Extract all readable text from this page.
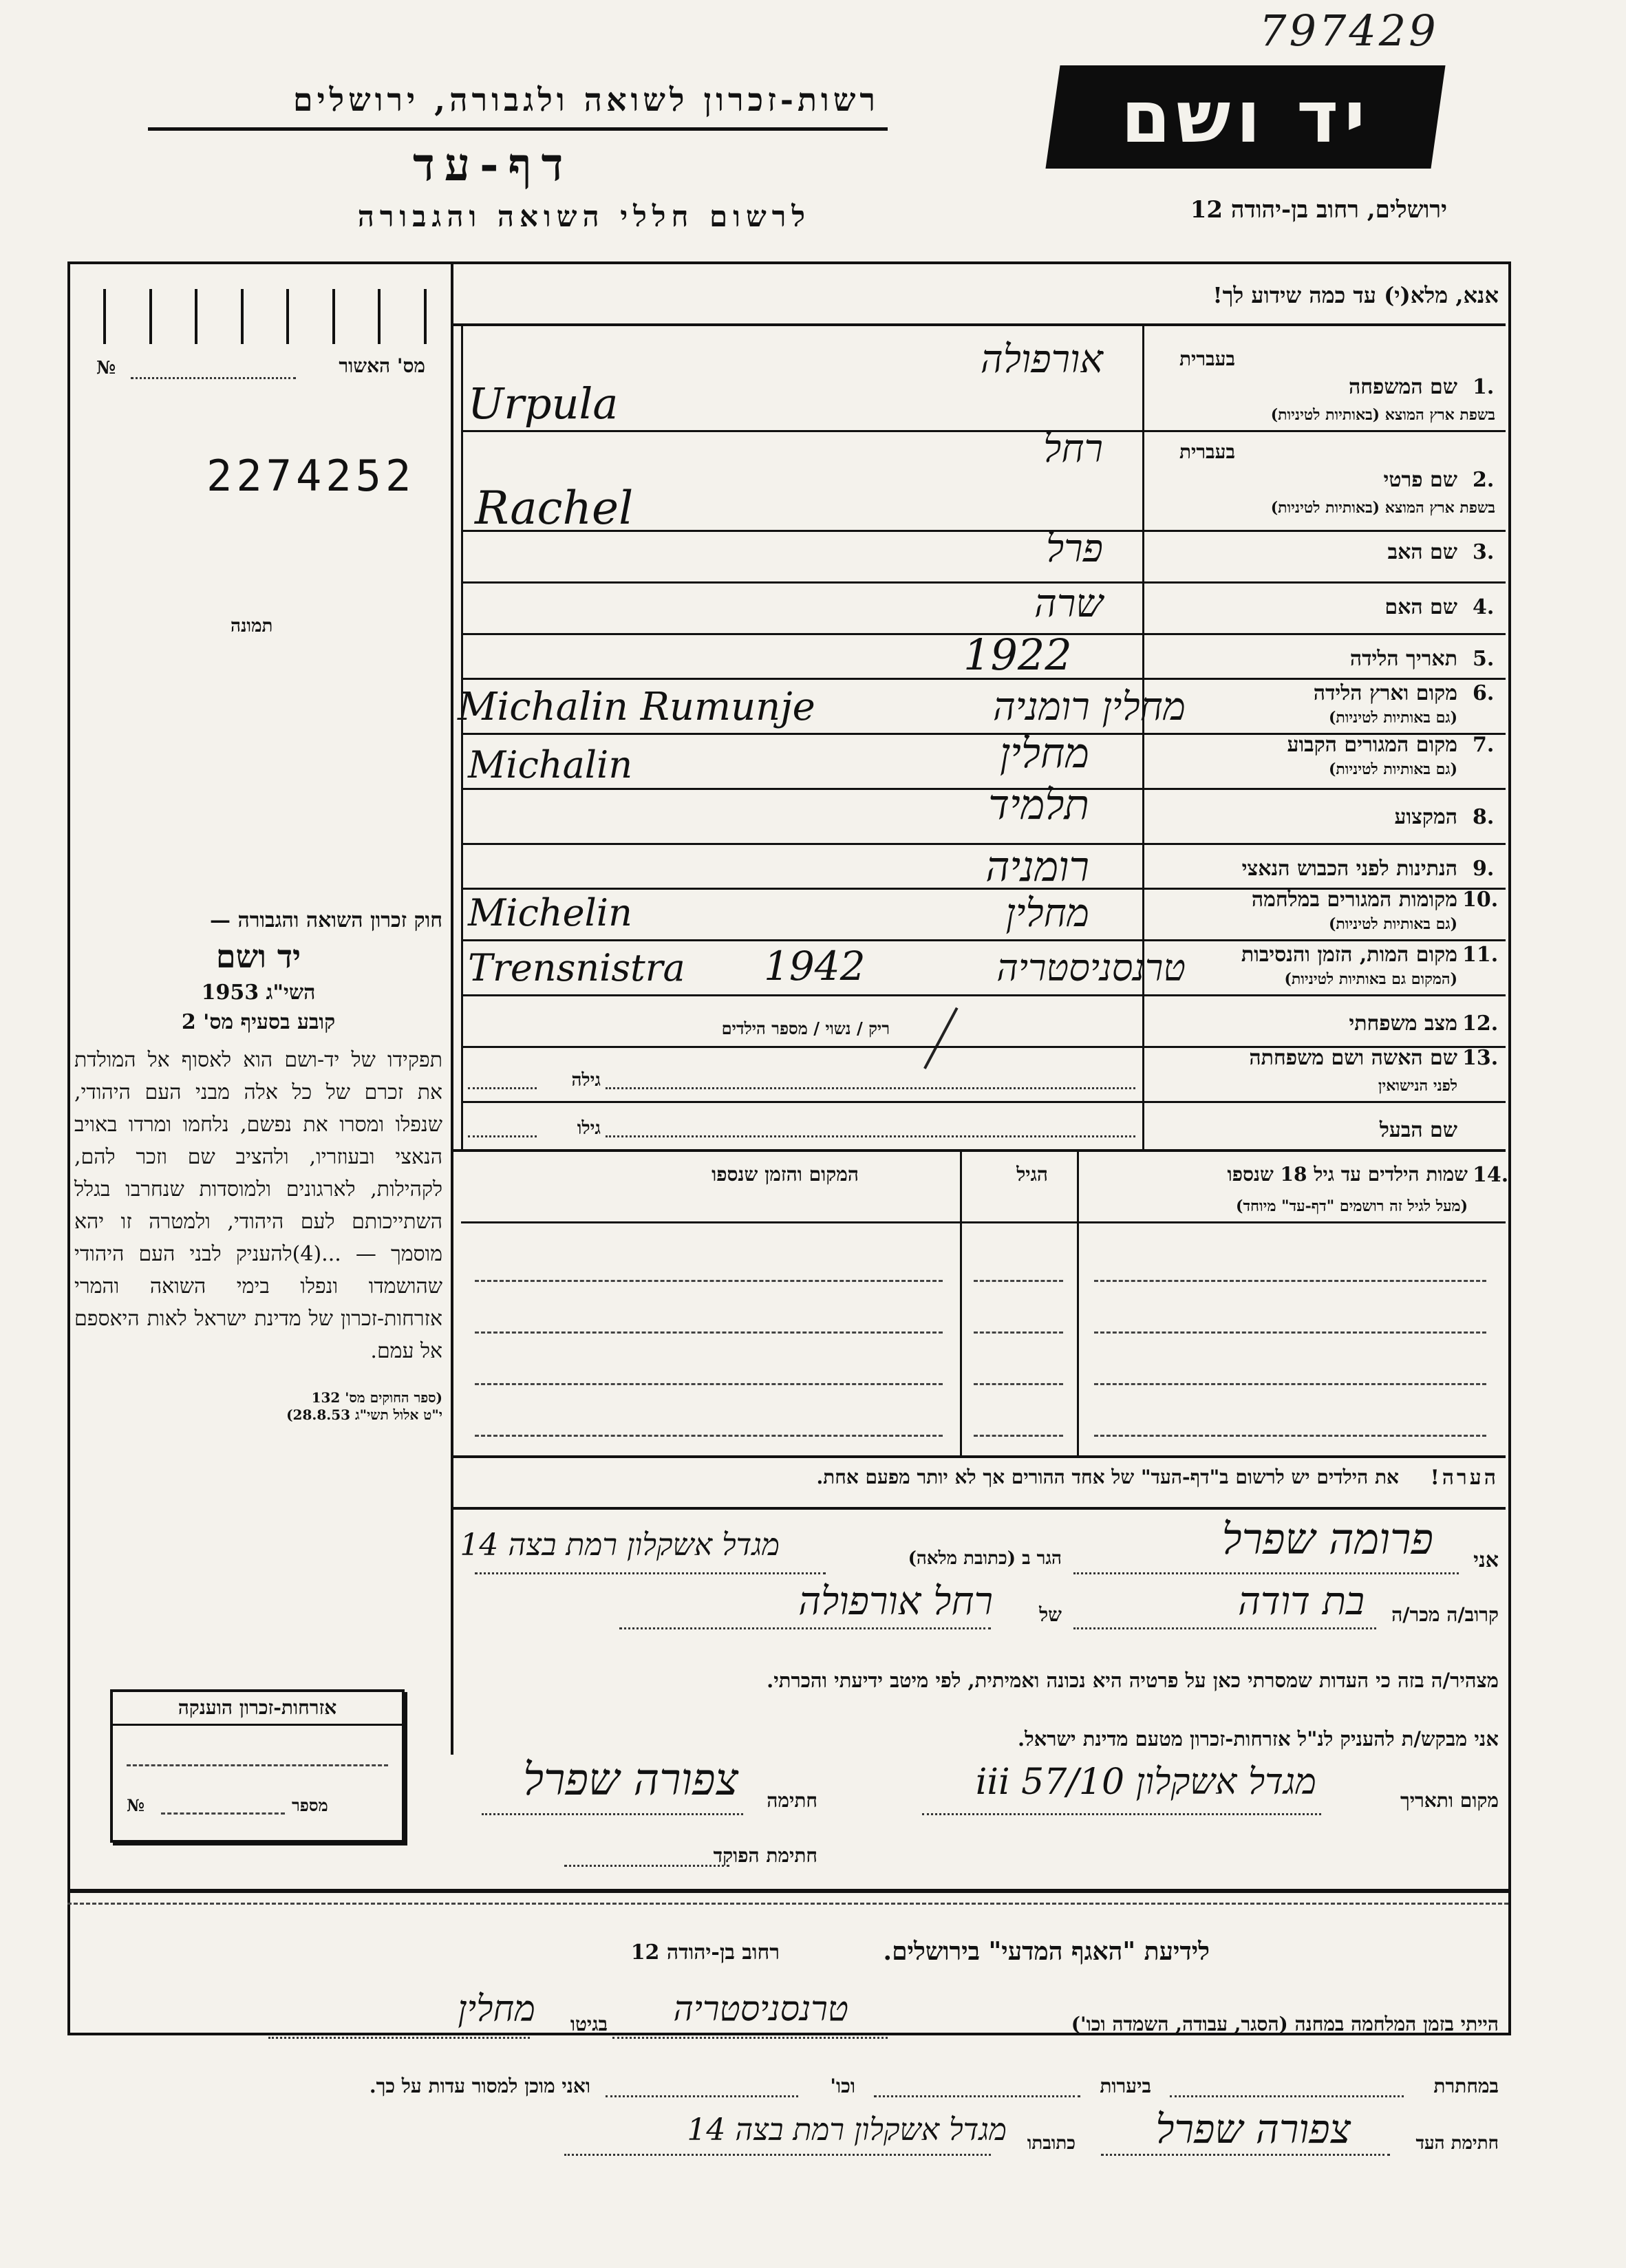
797429
רשות-זכרון לשואה ולגבורה, ירושלים
דף-עד
לרשום חללי השואה והגבורה
יד ושם
ירושלים, רחוב בן-יהודה 12
№	מס' האשור
2274252
תמונה

חוק זכרון השואה והגבורה —

יד ושם

השי"ג 1953

קובע בסעיף מס' 2

תפקידו של יד-ושם הוא לאסוף אל המולדת את זכרם של כל אלה מבני העם היהודי, שנפלו ומסרו את נפשם, נלחמו ומרדו באויב הנאצי ובעוזריו, ולהציב שם וזכר להם, לקהילות, לארגונים ולמוסדות שנחרבו בגלל השתייכותם לעם היהודי, ולמטרה זו יהא מוסמך — ...(4)להעניק לבני העם היהודי שהושמדו ונפלו בימי השואה והמרי אזרחות-זכרון של מדינת ישראל לאות היאספם אל עמם.

(ספר החוקים מס' 132

י"ט אלול תשי"ג 28.8.53)

אזרחות-זכרון הוענקה
№	מספר
אנא, מלא(י) עד כמה שידוע לך!
בעברית
1.
שם המשפחה
בשפת ארץ המוצא (באותיות לטיניות)
אורפולה
Urpula
בעברית
2.
שם פרטי
בשפת ארץ המוצא (באותיות לטיניות)
רחל
Rachel
3.
שם האב
פרל
4.
שם האם
שרה
5.
תאריך הלידה
1922
6.
מקום וארץ הלידה
(גם באותיות לטיניות)
Michalin Rumunje	מחלין רומניה
7.
מקום המגורים הקבוע
(גם באותיות לטיניות)
Michalin	מחלין
8.
המקצוע
תלמיד
9.
הנתינות לפני הכבוש הנאצי
רומניה
10.
מקומות המגורים במלחמה
(גם באותיות לטיניות)
Michelin	מחלין
11.
מקום המות, הזמן והנסיבות
(המקום גם באותיות לטיניות)
Trensnistra 1942	טרנסניסטריה
12.
מצב משפחתי
ריק / נשוי / מספר הילדים
13.
שם האשה ושם משפחתה
לפני הנישואין
גילה
שם הבעל
גילו
14.
שמות הילדים עד גיל 18 שנספו
(מעל לגיל זה רושמים "דף-עד" מיוחד)
הגיל
המקום והזמן שנספו
הערה!
את הילדים יש לרשום ב"דף-העד" של אחד ההורים אך לא יותר מפעם אחת.
אני
פרומה שפרל
הגר ב (כתובת מלאה)
מגדל אשקלון רמת בצה 14
קרוב/ה מכר/ה
בת דודה
של
רחל אורפולה
מצהיר/ה בזה כי העדות שמסרתי כאן על פרטיה היא נכונה ואמיתית, לפי מיטב ידיעתי והכרתי.
אני מבקש/ת להעניק לנ"ל אזרחות-זכרון מטעם מדינת ישראל.
מקום ותאריך
מגדל אשקלון 10/iii 57
חתימה
צפורה שפרל
חתימת הפוקד
לידיעת "האגף המדעי" בירושלים.
רחוב בן-יהודה 12
הייתי בזמן המלחמה במחנה (הסגר, עבודה, השמדה וכו')
טרנסניסטריה
בגיטו
מחלין
במחתרת
ביערות
וכו'
ואני מוכן למסור עדות על כך.
חתימת העד
צפורה שפרל
כתובתו
מגדל אשקלון רמת בצה 14
